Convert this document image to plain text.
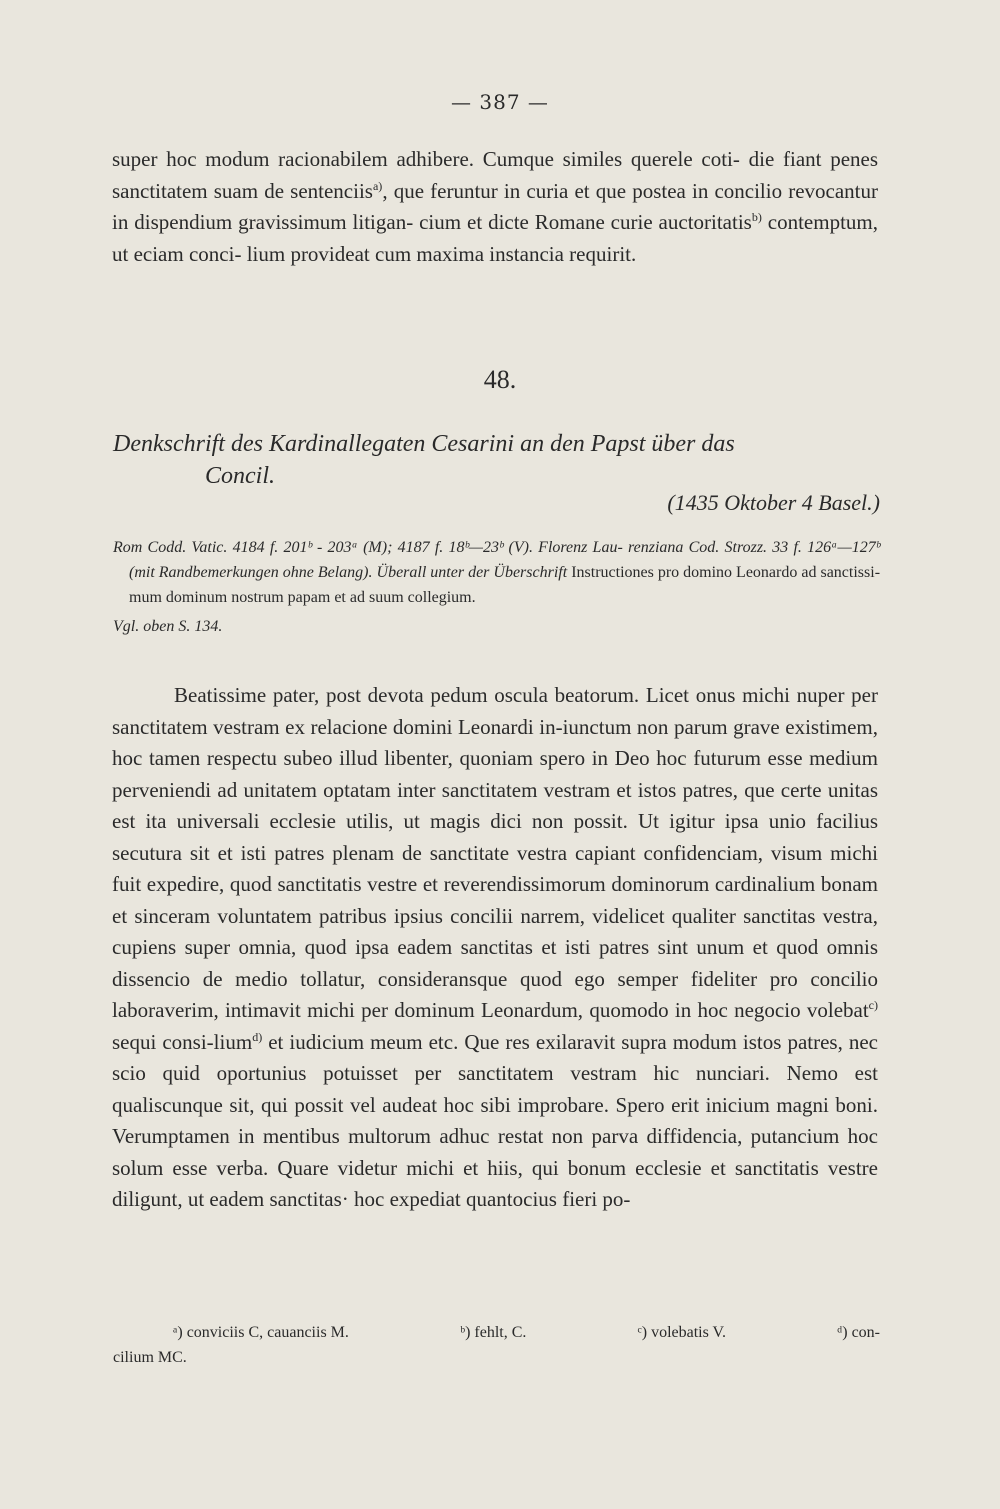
— 387 —

super hoc modum racionabilem adhibere. Cumque similes querele coti- die fiant penes sanctitatem suam de sentenciis$^{a)}$, que feruntur in curia et que postea in concilio revocantur in dispendium gravissimum litigan- cium et dicte Romane curie auctoritatis$^{b)}$ contemptum, ut eciam conci- lium provideat cum maxima instancia requirit.

48.
Denkschrift des Kardinallegaten Cesarini an den Papst über das
Concil.
(1435 Oktober 4 Basel.)

Rom Codd. Vatic. 4184 f. 201ᵇ - 203ᵃ (M); 4187 f. 18ᵇ—23ᵇ (V). Florenz Lau- renziana Cod. Strozz. 33 f. 126ᵃ—127ᵇ (mit Randbemerkungen ohne Belang). Überall unter der Überschrift Instructiones pro domino Leonardo ad sanctissi- mum dominum nostrum papam et ad suum collegium.

Vgl. oben S. 134.

Beatissime pater, post devota pedum oscula beatorum. Licet onus michi nuper per sanctitatem vestram ex relacione domini Leonardi in-iunctum non parum grave existimem, hoc tamen respectu subeo illud libenter, quoniam spero in Deo hoc futurum esse medium perveniendi ad unitatem optatam inter sanctitatem vestram et istos patres, que certe unitas est ita universali ecclesie utilis, ut magis dici non possit. Ut igitur ipsa unio facilius secutura sit et isti patres plenam de sanctitate vestra capiant confidenciam, visum michi fuit expedire, quod sanctitatis vestre et reverendissimorum dominorum cardinalium bonam et sinceram voluntatem patribus ipsius concilii narrem, videlicet qualiter sanctitas vestra, cupiens super omnia, quod ipsa eadem sanctitas et isti patres sint unum et quod omnis dissencio de medio tollatur, consideransque quod ego semper fideliter pro concilio laboraverim, intimavit michi per dominum Leonardum, quomodo in hoc negocio volebat$^{c)}$ sequi consi-lium$^{d)}$ et iudicium meum etc. Que res exilaravit supra modum istos patres, nec scio quid oportunius potuisset per sanctitatem vestram hic nunciari. Nemo est qualiscunque sit, qui possit vel audeat hoc sibi improbare. Spero erit inicium magni boni. Verumptamen in mentibus multorum adhuc restat non parva diffidencia, putancium hoc solum esse verba. Quare videtur michi et hiis, qui bonum ecclesie et sanctitatis vestre diligunt, ut eadem sanctitas· hoc expediat quantocius fieri po-

ᵃ) conviciis C, cauanciis M.	ᵇ) fehlt, C.	ᶜ) volebatis V.	ᵈ) con-
cilium MC.
